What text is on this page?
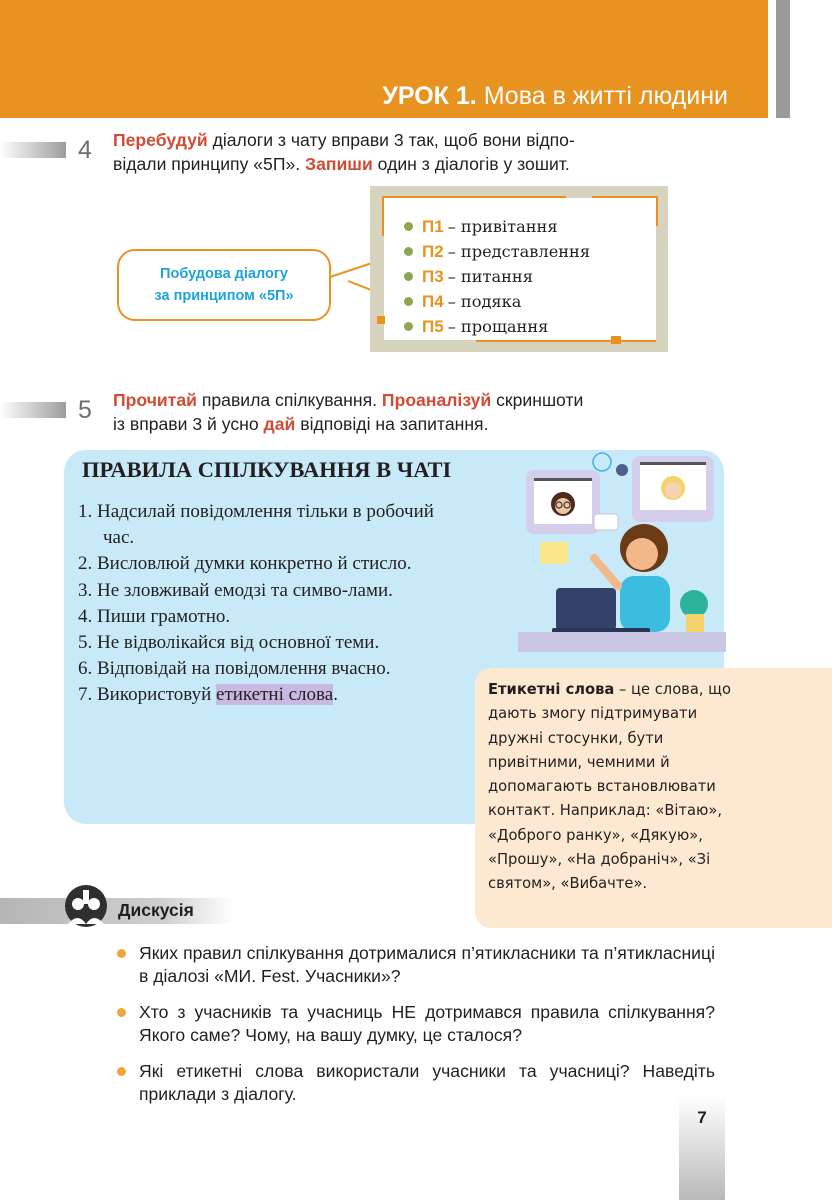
УРОК 1. Мова в житті людини
4 Перебудуй діалоги з чату вправи 3 так, щоб вони відпо-
відали принципу «5П». Запиши один з діалогів у зошит.
Побудова діалогу
за принципом «5П»
П1 – привітання
П2 – представлення
П3 – питання
П4 – подяка
П5 – прощання
5 Прочитай правила спілкування. Проаналізуй скриншоти
із вправи 3 й усно дай відповіді на запитання.
ПРАВИЛА СПІЛКУВАННЯ В ЧАТІ
1. Надсилай повідомлення тільки в робочий час.
2. Висловлюй думки конкретно й стисло.
3. Не зловживай емодзі та симво-лами.
4. Пиши грамотно.
5. Не відволікайся від основної теми.
6. Відповідай на повідомлення вчасно.
7. Використовуй етикетні слова.	Етикетні слова – це слова, що дають змогу підтримувати дружні стосунки, бути привітними, чемними й допомагають встановлювати контакт. Наприклад: «Вітаю», «Доброго ранку», «Дякую», «Прошу», «На добраніч», «Зі святом», «Вибачте».
Дискусія
Яких правил спілкування дотрималися п’ятикласники та п’ятикласниці в діалозі «МИ. Fest. Учасники»?
Хто з учасників та учасниць НЕ дотримався правила спілкування? Якого саме? Чому, на вашу думку, це сталося?
Які етикетні слова використали учасники та учасниці? Наведіть приклади з діалогу.
7
